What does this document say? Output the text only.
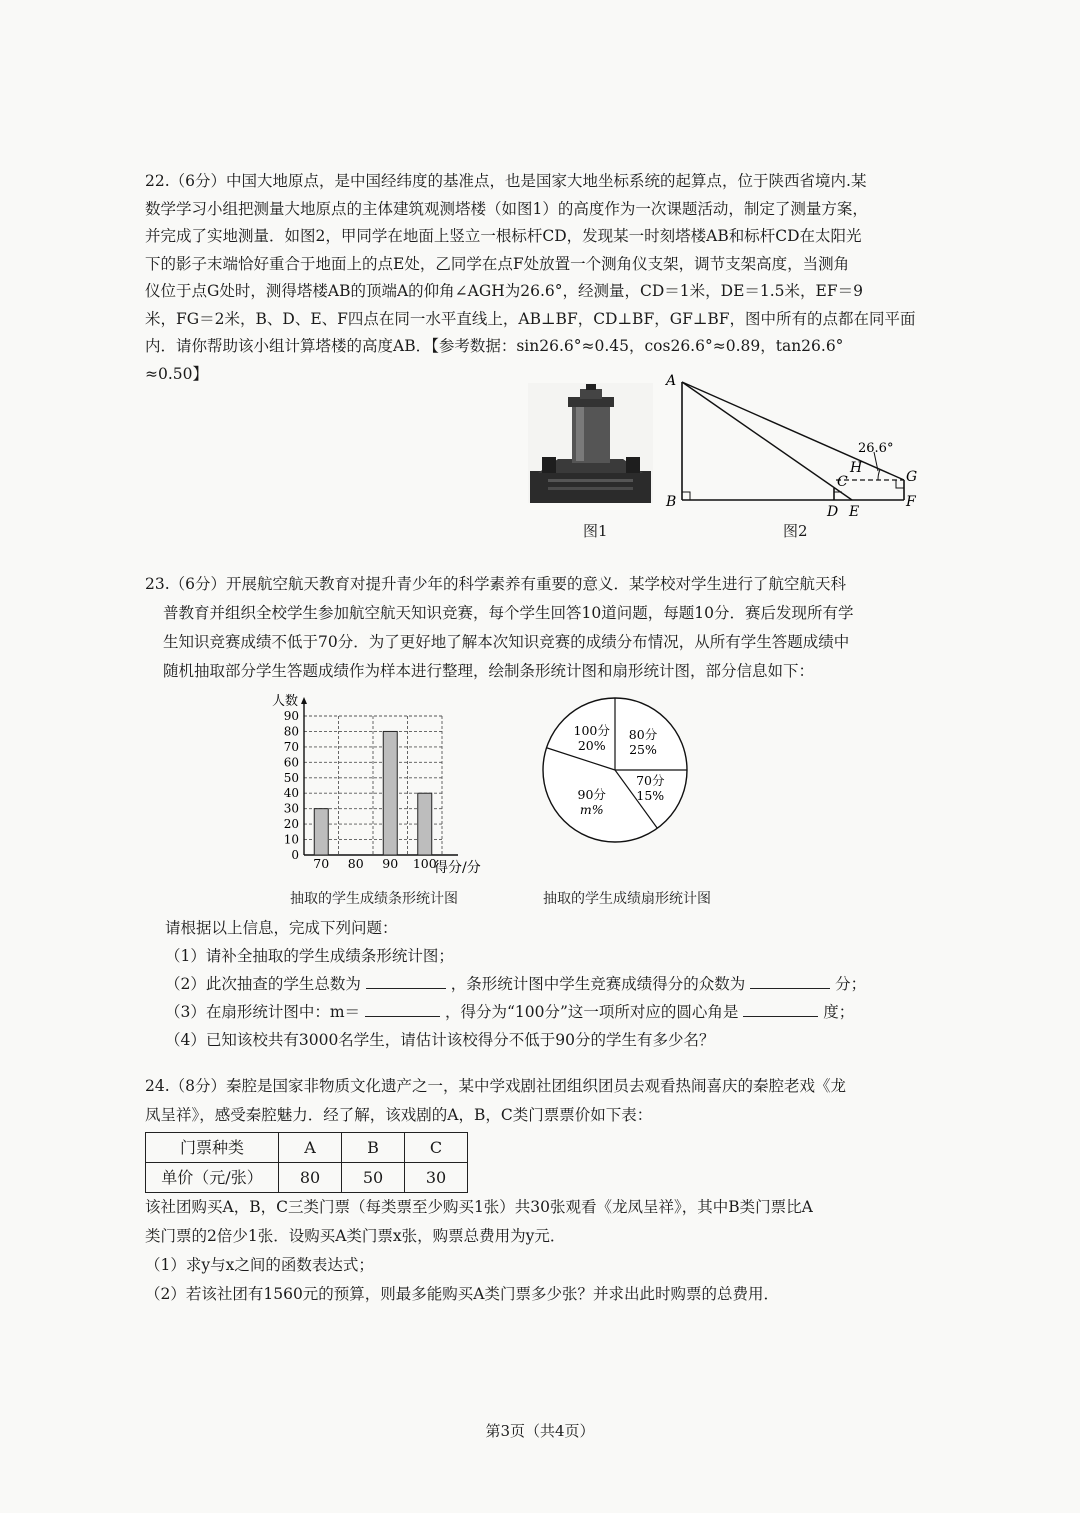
22.（6分）中国大地原点，是中国经纬度的基准点，也是国家大地坐标系统的起算点，位于陕西省境内.某

数学学习小组把测量大地原点的主体建筑观测塔楼（如图1）的高度作为一次课题活动，制定了测量方案，

并完成了实地测量．如图2，甲同学在地面上竖立一根标杆CD，发现某一时刻塔楼AB和标杆CD在太阳光

下的影子末端恰好重合于地面上的点E处，乙同学在点F处放置一个测角仪支架，调节支架高度，当测角

仪位于点G处时，测得塔楼AB的顶端A的仰角∠AGH为26.6°，经测量，CD＝1米，DE＝1.5米，EF＝9

米，FG＝2米，B、D、E、F四点在同一水平直线上，AB⊥BF，CD⊥BF，GF⊥BF，图中所有的点都在同平面

内．请你帮助该小组计算塔楼的高度AB．【参考数据：sin26.6°≈0.45，cos26.6°≈0.89，tan26.6°

≈0.50】

图1
A
B
C
D E
F
G
H
26.6°
图2

23.（6分）开展航空航天教育对提升青少年的科学素养有重要的意义．某学校对学生进行了航空航天科

普教育并组织全校学生参加航空航天知识竞赛，每个学生回答10道问题，每题10分．赛后发现所有学

生知识竞赛成绩不低于70分．为了更好地了解本次知识竞赛的成绩分布情况，从所有学生答题成绩中

随机抽取部分学生答题成绩作为样本进行整理，绘制条形统计图和扇形统计图，部分信息如下：

人数
得分/分
0
10
20
30
40
50
60
70
80
90
70 80 90 100
抽取的学生成绩条形统计图
80分
25%
70分
15%
90分
m%
100分
20%
抽取的学生成绩扇形统计图
请根据以上信息，完成下列问题：
（1）请补全抽取的学生成绩条形统计图；
（2）此次抽查的学生总数为	，条形统计图中学生竞赛成绩得分的众数为	分；
（3）在扇形统计图中：m＝	，得分为“100分”这一项所对应的圆心角是	度；
（4）已知该校共有3000名学生，请估计该校得分不低于90分的学生有多少名？

24.（8分）秦腔是国家非物质文化遗产之一，某中学戏剧社团组织团员去观看热闹喜庆的秦腔老戏《龙

凤呈祥》，感受秦腔魅力．经了解，该戏剧的A，B，C类门票票价如下表：

门票种类	A	B	C
单价（元/张）	80	50	30

该社团购买A，B，C三类门票（每类票至少购买1张）共30张观看《龙凤呈祥》，其中B类门票比A

类门票的2倍少1张．设购买A类门票x张，购票总费用为y元．

（1）求y与x之间的函数表达式；

（2）若该社团有1560元的预算，则最多能购买A类门票多少张？并求出此时购票的总费用．

第3页（共4页）
